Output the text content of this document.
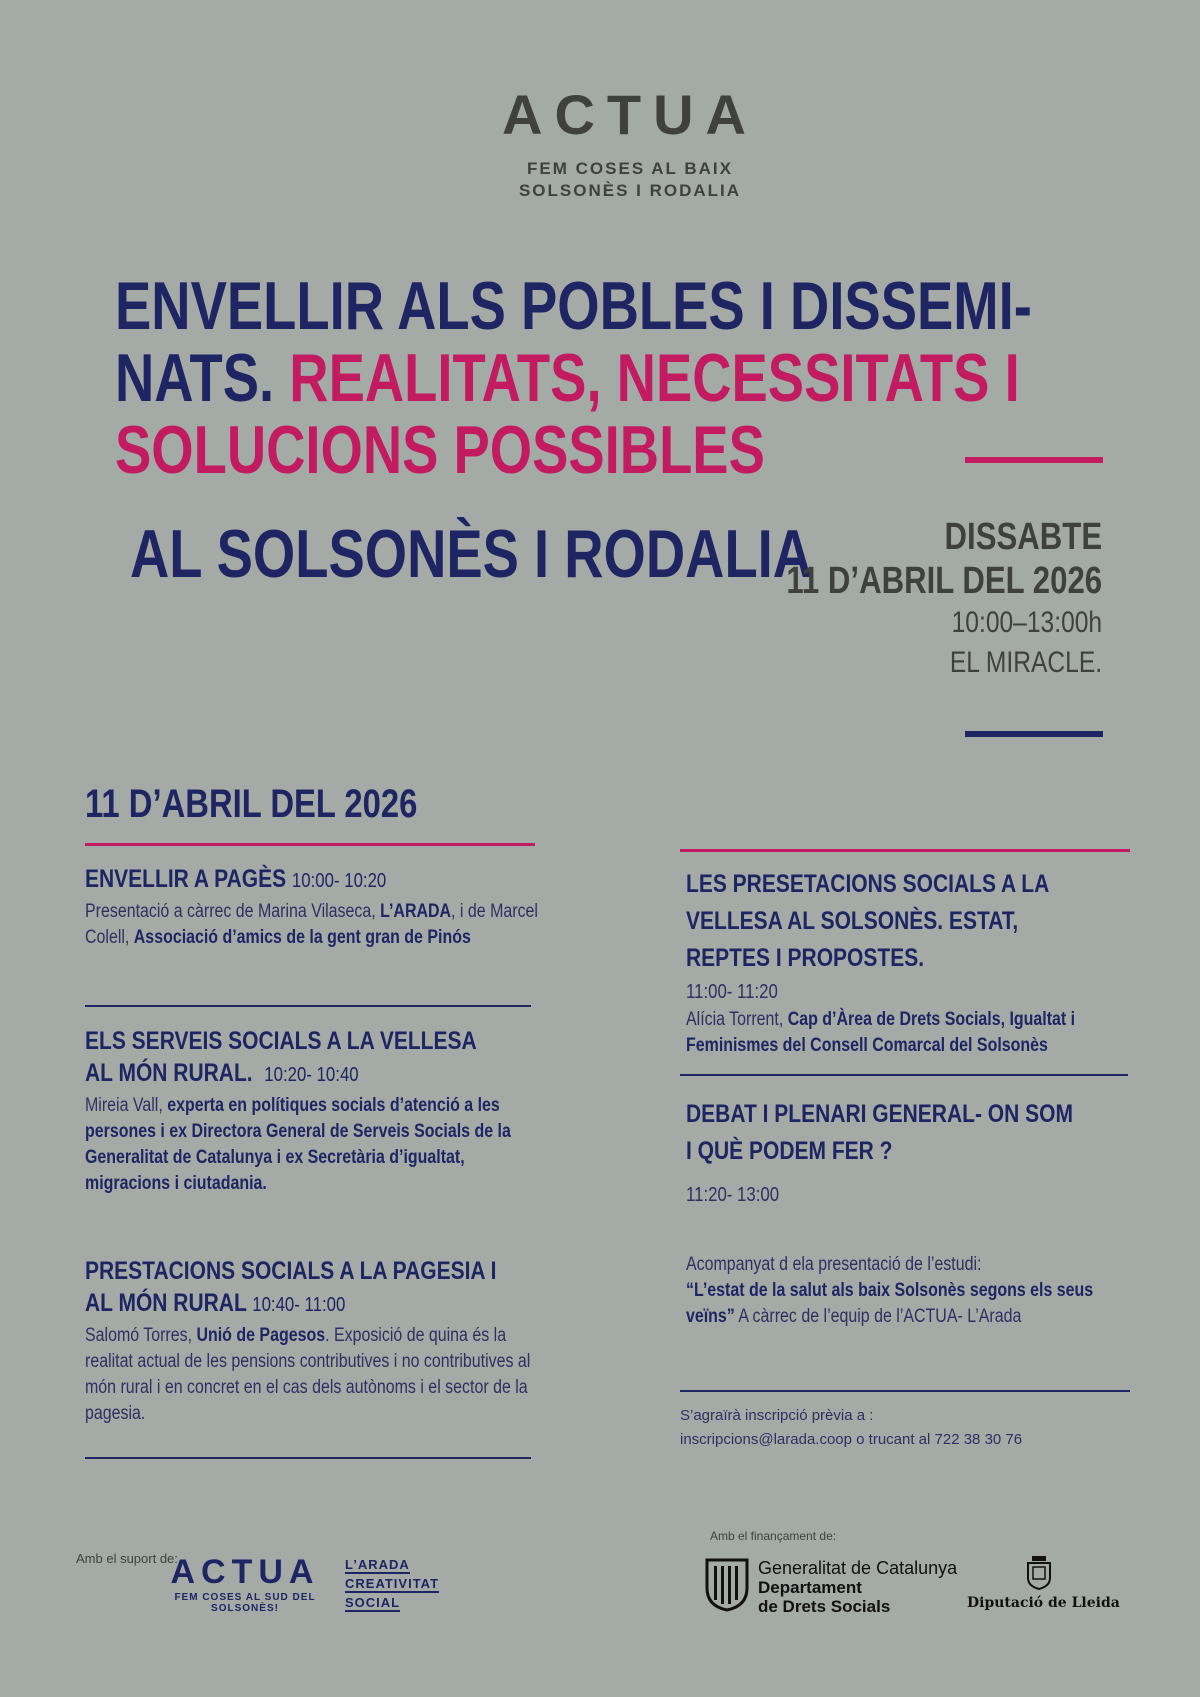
ACTUA
FEM COSES AL BAIX
SOLSONÈS I RODALIA
ENVELLIR ALS POBLES I DISSEMI-
NATS. REALITATS, NECESSITATS I
SOLUCIONS POSSIBLES
AL SOLSONÈS I RODALIA	DISSABTE
11 D’ABRIL DEL 2026
10:00–13:00h
EL MIRACLE.
11 D’ABRIL DEL 2026
ENVELLIR A PAGÈS 10:00- 10:20
Presentació a càrrec de Marina Vilaseca, L’ARADA, i de Marcel Colell, Associació d’amics de la gent gran de Pinós
ELS SERVEIS SOCIALS A LA VELLESA
AL MÓN RURAL. 10:20- 10:40
Mireia Vall, experta en polítiques socials d’atenció a les persones i ex Directora General de Serveis Socials de la Generalitat de Catalunya i ex Secretària d’igualtat, migracions i ciutadania.
PRESTACIONS SOCIALS A LA PAGESIA I
AL MÓN RURAL 10:40- 11:00
Salomó Torres, Unió de Pagesos. Exposició de quina és la realitat actual de les pensions contributives i no contributives al món rural i en concret en el cas dels autònoms i el sector de la pagesia.
LES PRESETACIONS SOCIALS A LA
VELLESA AL SOLSONÈS. ESTAT,
REPTES I PROPOSTES.
11:00- 11:20
Alícia Torrent, Cap d’Àrea de Drets Socials, Igualtat i Feminismes del Consell Comarcal del Solsonès
DEBAT I PLENARI GENERAL- ON SOM
I QUÈ PODEM FER ?
11:20- 13:00
Acompanyat d ela presentació de l’estudi:
“L’estat de la salut als baix Solsonès segons els seus veïns” A càrrec de l’equip de l’ACTUA- L’Arada
S’agraïrà inscripció prèvia a :
inscripcions@larada.coop o trucant al 722 38 30 76
Amb el suport de:
ACTUA
FEM COSES AL SUD DEL SOLSONÈS!
L’ARADA
CREATIVITAT
SOCIAL
Amb el finançament de:
Generalitat de Catalunya
Departament
de Drets Socials	Diputació de Lleida
